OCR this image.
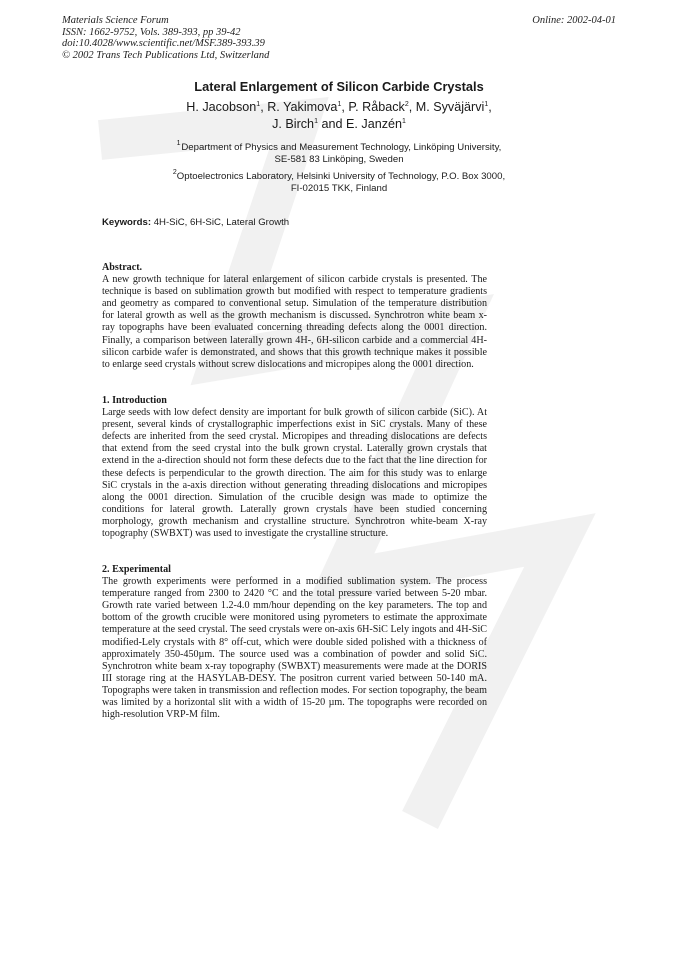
Materials Science Forum
ISSN: 1662-9752, Vols. 389-393, pp 39-42
doi:10.4028/www.scientific.net/MSF.389-393.39
© 2002 Trans Tech Publications Ltd, Switzerland
Online: 2002-04-01
Lateral Enlargement of Silicon Carbide Crystals
H. Jacobson$^1$, R. Yakimova$^1$, P. Råback$^2$, M. Syväjärvi$^1$,
J. Birch$^1$ and E. Janzén$^1$
$^1$ Department of Physics and Measurement Technology, Linköping University,
SE-581 83 Linköping, Sweden
$^2$Optoelectronics Laboratory, Helsinki University of Technology, P.O. Box 3000,
FI-02015 TKK, Finland
Keywords: 4H-SiC, 6H-SiC, Lateral Growth
Abstract.

A new growth technique for lateral enlargement of silicon carbide crystals is presented. The technique is based on sublimation growth but modified with respect to temperature gradients and geometry as compared to conventional setup. Simulation of the temperature distribution for lateral growth as well as the growth mechanism is discussed. Synchrotron white beam x-ray topographs have been evaluated concerning threading defects along the 0001 direction. Finally, a comparison between laterally grown 4H-, 6H-silicon carbide and a commercial 4H-silicon carbide wafer is demonstrated, and shows that this growth technique makes it possible to enlarge seed crystals without screw dislocations and micropipes along the 0001 direction.

1. Introduction

Large seeds with low defect density are important for bulk growth of silicon carbide (SiC). At present, several kinds of crystallographic imperfections exist in SiC crystals. Many of these defects are inherited from the seed crystal. Micropipes and threading dislocations are defects that extend from the seed crystal into the bulk grown crystal. Laterally grown crystals that extend in the a-direction should not form these defects due to the fact that the line direction for these defects is perpendicular to the growth direction. The aim for this study was to enlarge SiC crystals in the a-axis direction without generating threading dislocations and micropipes along the 0001 direction. Simulation of the crucible design was made to optimize the conditions for lateral growth. Laterally grown crystals have been studied concerning morphology, growth mechanism and crystalline structure. Synchrotron white-beam X-ray topography (SWBXT) was used to investigate the crystalline structure.

2. Experimental

The growth experiments were performed in a modified sublimation system. The process temperature ranged from 2300 to 2420 °C and the total pressure varied between 5-20 mbar. Growth rate varied between 1.2-4.0 mm/hour depending on the key parameters. The top and bottom of the growth crucible were monitored using pyrometers to estimate the approximate temperature at the seed crystal. The seed crystals were on-axis 6H-SiC Lely ingots and 4H-SiC modified-Lely crystals with 8° off-cut, which were double sided polished with a thickness of approximately 350-450µm. The source used was a combination of powder and solid SiC. Synchrotron white beam x-ray topography (SWBXT) measurements were made at the DORIS III storage ring at the HASYLAB-DESY. The positron current varied between 50-140 mA. Topographs were taken in transmission and reflection modes. For section topography, the beam was limited by a horizontal slit with a width of 15-20 µm. The topographs were recorded on high-resolution VRP-M film.
